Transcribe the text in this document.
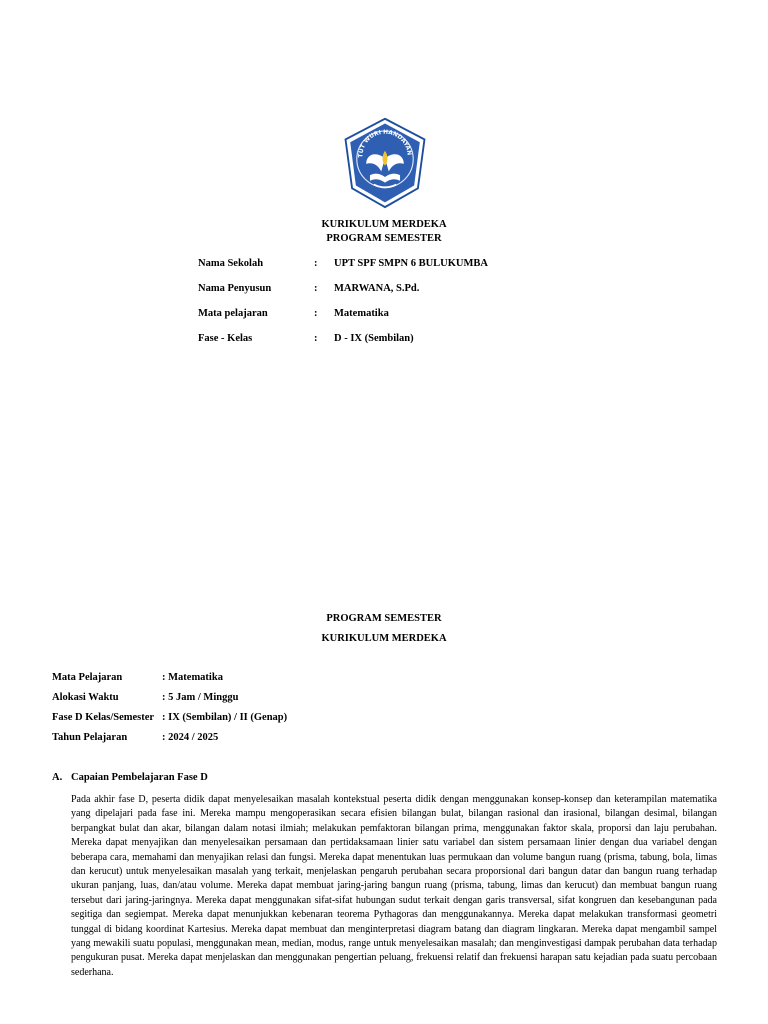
TUT WURI HANDAYAN
KURIKULUM MERDEKA
PROGRAM SEMESTER
Nama Sekolah	: UPT SPF SMPN 6 BULUKUMBA
Nama Penyusun	: MARWANA, S.Pd.
Mata pelajaran	: Matematika
Fase - Kelas	: D - IX (Sembilan)
PROGRAM SEMESTER
KURIKULUM MERDEKA
Mata Pelajaran	: Matematika
Alokasi Waktu	: 5 Jam / Minggu
Fase D Kelas/Semester : IX (Sembilan) / II (Genap)
Tahun Pelajaran	: 2024 / 2025
A. Capaian Pembelajaran Fase D

Pada akhir fase D, peserta didik dapat menyelesaikan masalah kontekstual peserta didik dengan menggunakan konsep-konsep dan keterampilan matematika yang dipelajari pada fase ini. Mereka mampu mengoperasikan secara efisien bilangan bulat, bilangan rasional dan irasional, bilangan desimal, bilangan berpangkat bulat dan akar, bilangan dalam notasi ilmiah; melakukan pemfaktoran bilangan prima, menggunakan faktor skala, proporsi dan laju perubahan. Mereka dapat menyajikan dan menyelesaikan persamaan dan pertidaksamaan linier satu variabel dan sistem persamaan linier dengan dua variabel dengan beberapa cara, memahami dan menyajikan relasi dan fungsi. Mereka dapat menentukan luas permukaan dan volume bangun ruang (prisma, tabung, bola, limas dan kerucut) untuk menyelesaikan masalah yang terkait, menjelaskan pengaruh perubahan secara proporsional dari bangun datar dan bangun ruang terhadap ukuran panjang, luas, dan/atau volume. Mereka dapat membuat jaring-jaring bangun ruang (prisma, tabung, limas dan kerucut) dan membuat bangun ruang tersebut dari jaring-jaringnya. Mereka dapat menggunakan sifat-sifat hubungan sudut terkait dengan garis transversal, sifat kongruen dan kesebangunan pada segitiga dan segiempat. Mereka dapat menunjukkan kebenaran teorema Pythagoras dan menggunakannya. Mereka dapat melakukan transformasi geometri tunggal di bidang koordinat Kartesius. Mereka dapat membuat dan menginterpretasi diagram batang dan diagram lingkaran. Mereka dapat mengambil sampel yang mewakili suatu populasi, menggunakan mean, median, modus, range untuk menyelesaikan masalah; dan menginvestigasi dampak perubahan data terhadap pengukuran pusat. Mereka dapat menjelaskan dan menggunakan pengertian peluang, frekuensi relatif dan frekuensi harapan satu kejadian pada suatu percobaan sederhana.
